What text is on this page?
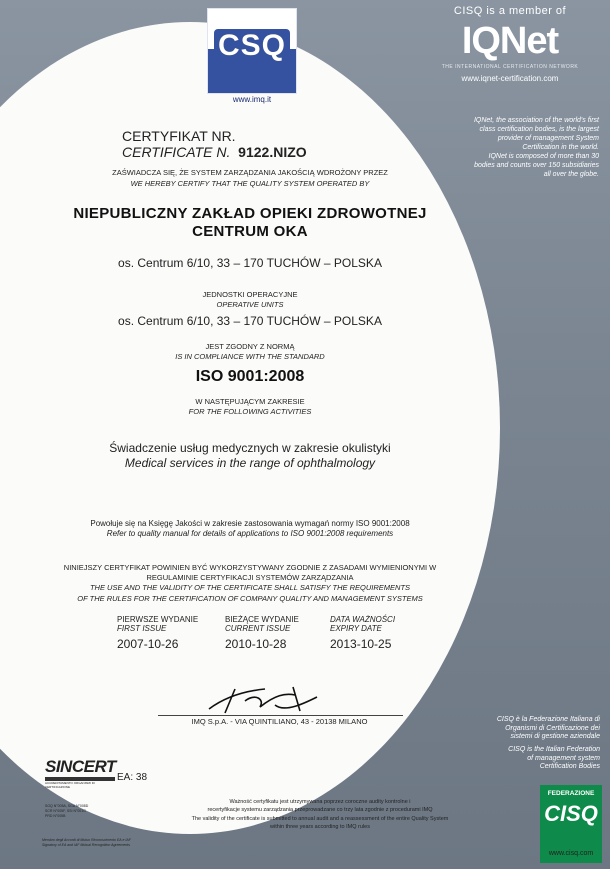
CSQ
www.imq.it
CISQ is a member of
IQNet
THE INTERNATIONAL CERTIFICATION NETWORK
www.iqnet-certification.com
IQNet, the association of the world's first
class certification bodies, is the largest
provider of management System
Certification in the world.
IQNet is composed of more than 30
bodies and counts over 150 subsidiaries
all over the globe.
CERTYFIKAT NR.
CERTIFICATE N. 9122.NIZO
ZAŚWIADCZA SIĘ, ŻE SYSTEM ZARZĄDZANIA JAKOŚCIĄ WDROŻONY PRZEZ
WE HEREBY CERTIFY THAT THE QUALITY SYSTEM OPERATED BY
NIEPUBLICZNY ZAKŁAD OPIEKI ZDROWOTNEJ
CENTRUM OKA
os. Centrum 6/10, 33 – 170 TUCHÓW – POLSKA
JEDNOSTKI OPERACYJNE
OPERATIVE UNITS
os. Centrum 6/10, 33 – 170 TUCHÓW – POLSKA
JEST ZGODNY Z NORMĄ
IS IN COMPLIANCE WITH THE STANDARD
ISO 9001:2008
W NASTĘPUJĄCYM ZAKRESIE
FOR THE FOLLOWING ACTIVITIES
Świadczenie usług medycznych w zakresie okulistyki
Medical services in the range of ophthalmology
Powołuje się na Księgę Jakości w zakresie zastosowania wymagań normy ISO 9001:2008
Refer to quality manual for details of applications to ISO 9001:2008 requirements
NINIEJSZY CERTYFIKAT POWINIEN BYĆ WYKORZYSTYWANY ZGODNIE Z ZASADAMI WYMIENIONYMI W
REGULAMINIE CERTYFIKACJI SYSTEMÓW ZARZĄDZANIA
THE USE AND THE VALIDITY OF THE CERTIFICATE SHALL SATISFY THE REQUIREMENTS
OF THE RULES FOR THE CERTIFICATION OF COMPANY QUALITY AND MANAGEMENT SYSTEMS
PIERWSZE WYDANIE
FIRST ISSUE
2007-10-26
BIEŻĄCE WYDANIE
CURRENT ISSUE
2010-10-28
DATA WAŻNOŚCI
EXPIRY DATE
2013-10-25
IMQ S.p.A. - VIA QUINTILIANO, 43 - 20138 MILANO	CISQ è la Federazione Italiana di
Organismi di Certificazione dei
sistemi di gestione aziendale
CISQ is the Italian Federation
of management system
Certification Bodies
FEDERAZIONE
CISQ
www.cisq.com
SINCERT
ACCREDITAMENTO ORGANISMI DI CERTIFICAZIONE
EA: 38
SGQ N°005A, SGA N°008D
SCR N°005F, SSI N°001G
PRD N°005B
Membro degli Accordi di Mutuo Riconoscimento EA e IAF
Signatory of EA and IAF Mutual Recognition Agreements
Ważność certyfikatu jest utrzymywana poprzez coroczne audity kontrolne i
recertyfikacje systemu zarządzania przeprowadzane co trzy lata zgodnie z procedurami IMQ
The validity of the certificate is submitted to annual audit and a reassessment of the entire Quality System
within three years according to IMQ rules
